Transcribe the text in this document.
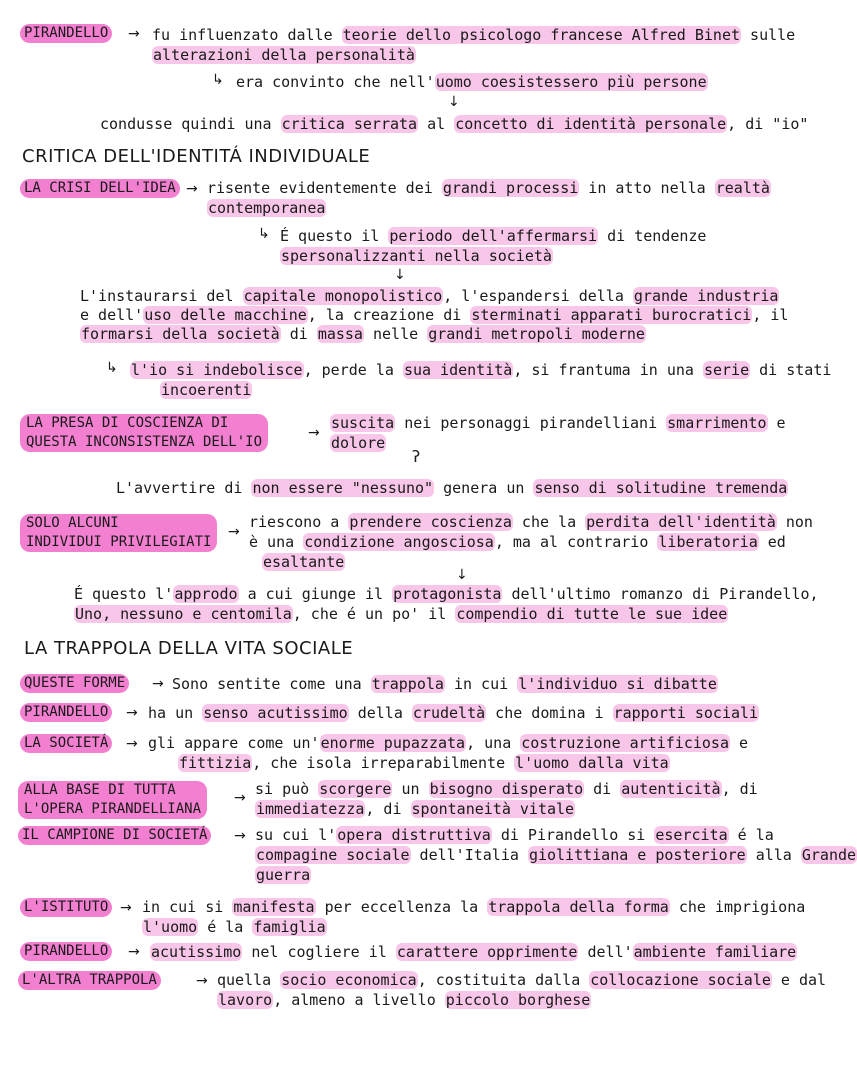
PIRANDELLO → fu influenzato dalle teorie dello psicologo francese Alfred Binet sulle
alterazioni della personalità
↳ era convinto che nell'uomo coesistessero più persone
↓
condusse quindi una critica serrata al concetto di identità personale, di "io"
CRITICA DELL'IDENTITÁ INDIVIDUALE
LA CRISI DELL'IDEA → risente evidentemente dei grandi processi in atto nella realtà
contemporanea
↳ É questo il periodo dell'affermarsi di tendenze
spersonalizzanti nella società
↓
L'instaurarsi del capitale monopolistico, l'espandersi della grande industria
e dell'uso delle macchine, la creazione di sterminati apparati burocratici, il
formarsi della società di massa nelle grandi metropoli moderne
↳ l'io si indebolisce, perde la sua identità, si frantuma in una serie di stati
incoerenti
LA PRESA DI COSCIENZA DI
QUESTA INCONSISTENZA DELL'IO
→
suscita nei personaggi pirandelliani smarrimento e
dolore
ʔ
L'avvertire di non essere "nessuno" genera un senso di solitudine tremenda
SOLO ALCUNI
INDIVIDUI PRIVILEGIATI
→
riescono a prendere coscienza che la perdita dell'identità non
è una condizione angosciosa, ma al contrario liberatoria ed
esaltante
↓
É questo l'approdo a cui giunge il protagonista dell'ultimo romanzo di Pirandello,
Uno, nessuno e centomila, che é un po' il compendio di tutte le sue idee
LA TRAPPOLA DELLA VITA SOCIALE
QUESTE FORME → Sono sentite come una trappola in cui l'individuo si dibatte
PIRANDELLO → ha un senso acutissimo della crudeltà che domina i rapporti sociali
LA SOCIETÁ → gli appare come un'enorme pupazzata, una costruzione artificiosa e
fittizia, che isola irreparabilmente l'uomo dalla vita
ALLA BASE DI TUTTA
L'OPERA PIRANDELLIANA
→ si può scorgere un bisogno disperato di autenticità, di
immediatezza, di spontaneità vitale
IL CAMPIONE DI SOCIETÁ → su cui l'opera distruttiva di Pirandello si esercita é la
compagine sociale dell'Italia giolittiana e posteriore alla Grande
guerra
L'ISTITUTO → in cui si manifesta per eccellenza la trappola della forma che imprigiona
l'uomo é la famiglia
PIRANDELLO → acutissimo nel cogliere il carattere opprimente dell'ambiente familiare
L'ALTRA TRAPPOLA	→ quella socio economica, costituita dalla collocazione sociale e dal
lavoro, almeno a livello piccolo borghese
